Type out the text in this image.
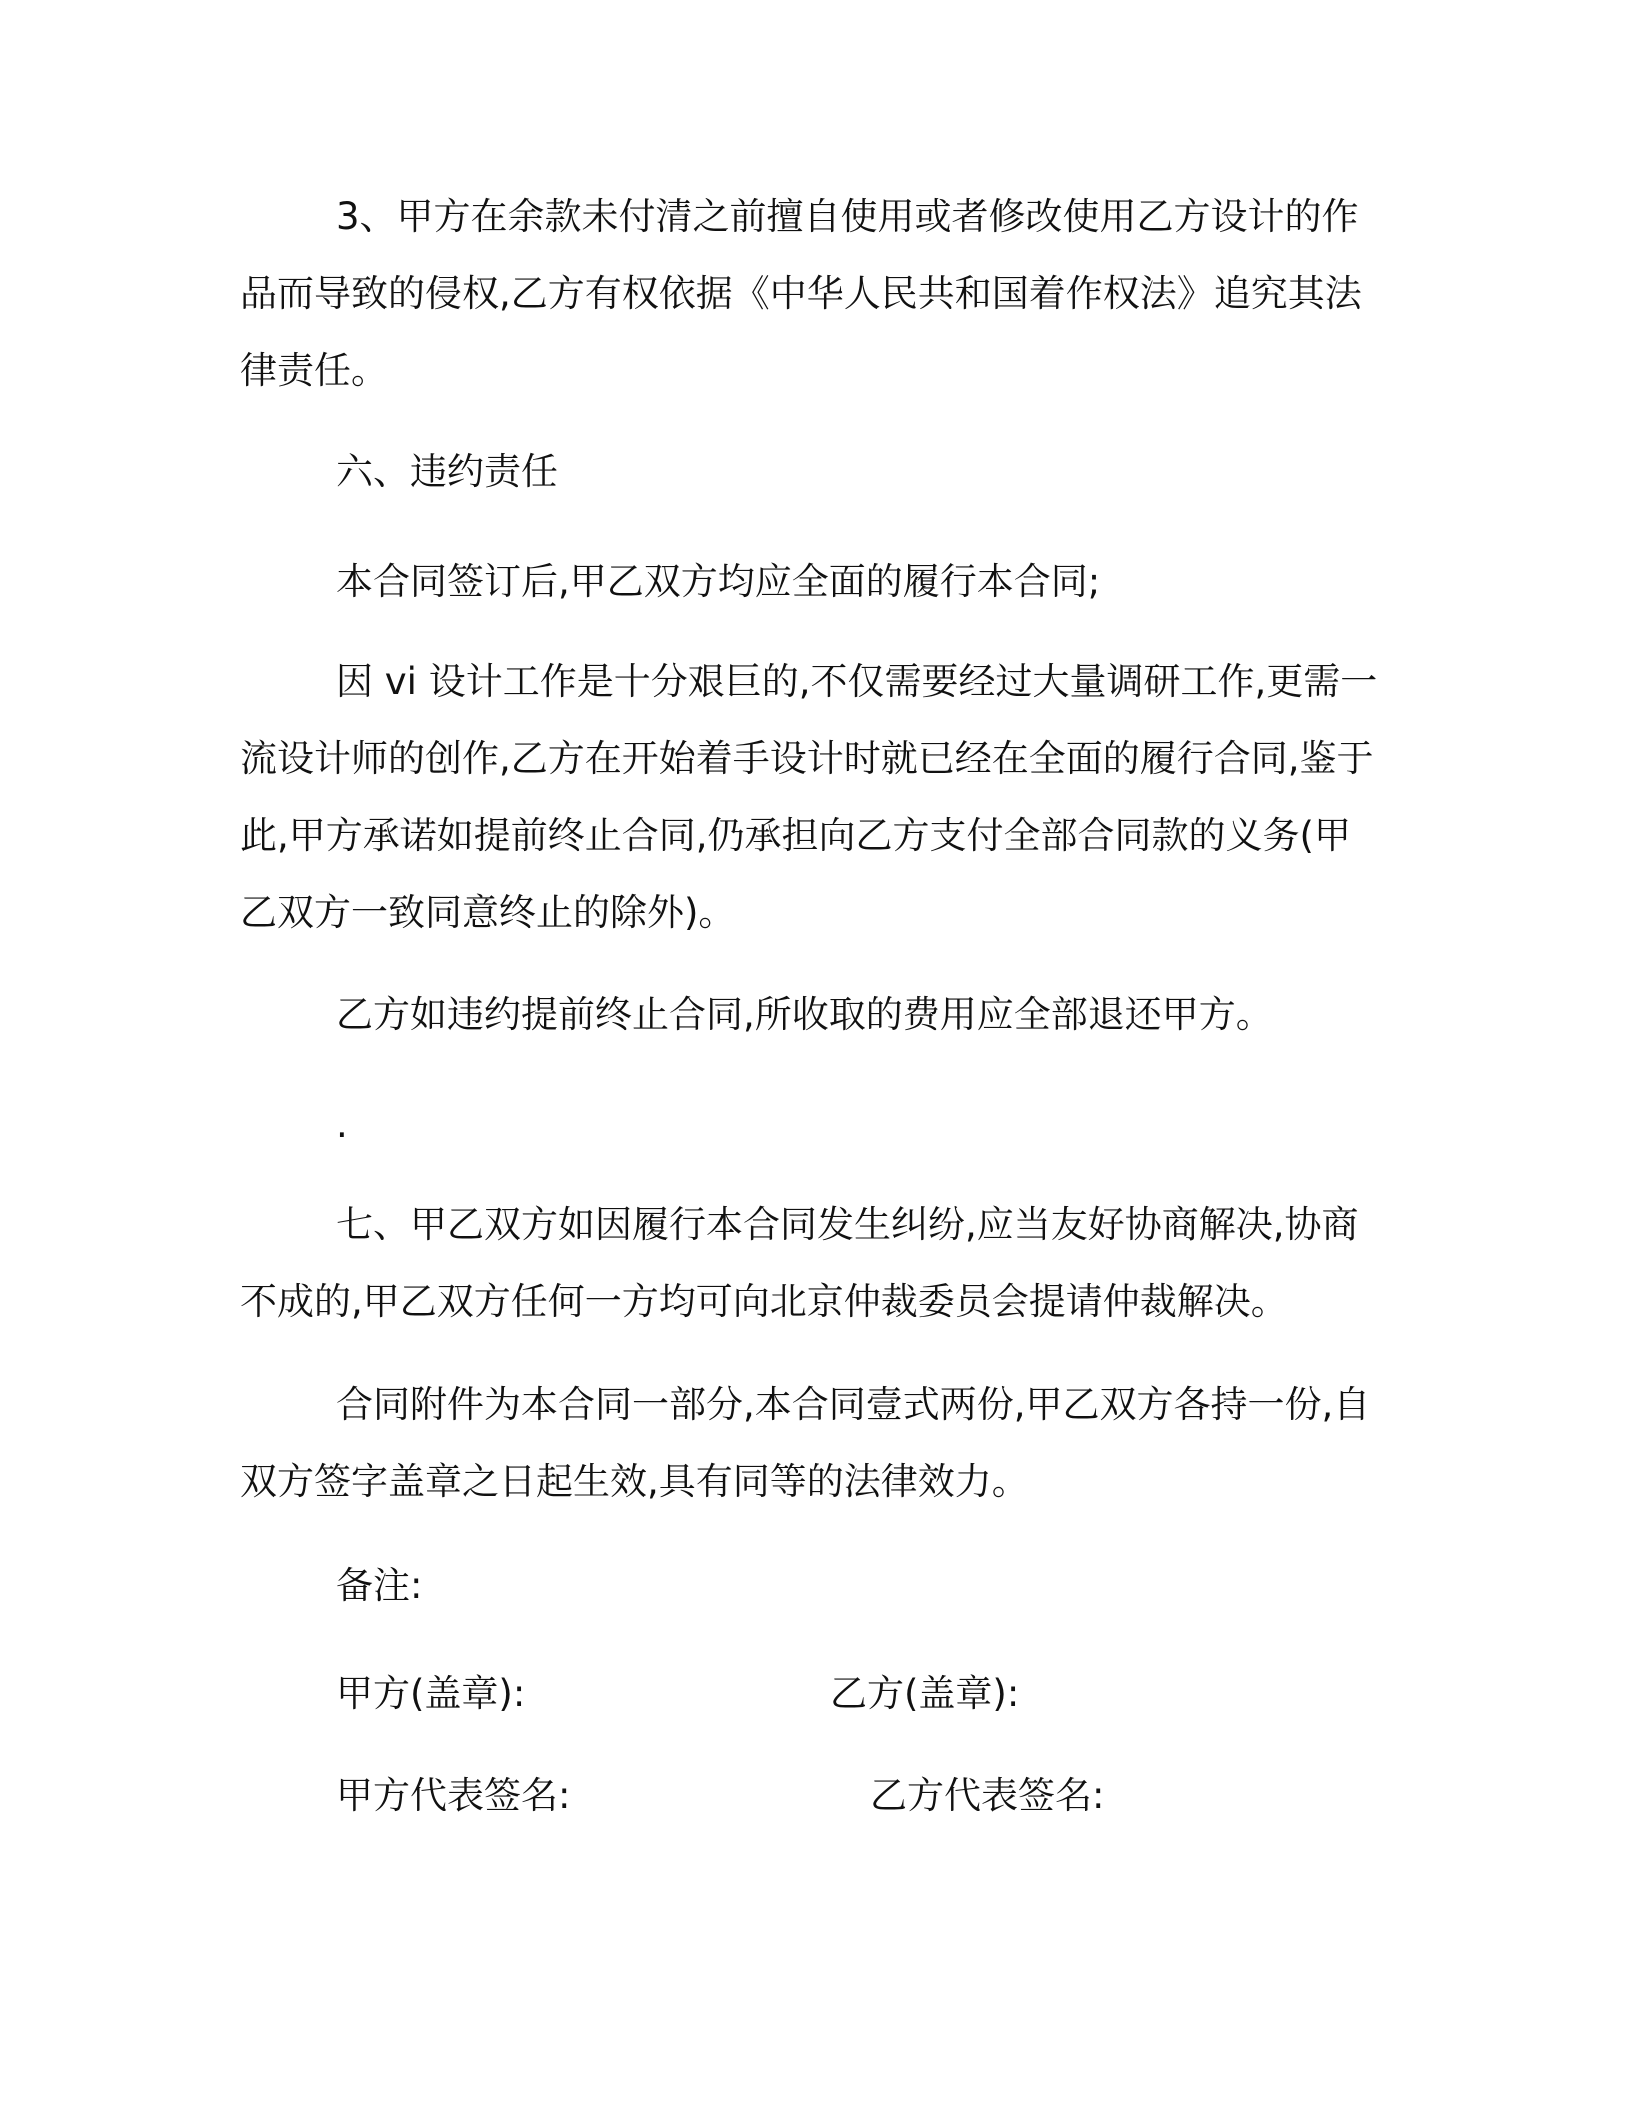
3、甲方在余款未付清之前擅自使用或者修改使用乙方设计的作品而导致的侵权,乙方有权依据《中华人民共和国着作权法》追究其法律责任。

六、违约责任

本合同签订后,甲乙双方均应全面的履行本合同;

因 vi 设计工作是十分艰巨的,不仅需要经过大量调研工作,更需一流设计师的创作,乙方在开始着手设计时就已经在全面的履行合同,鉴于此,甲方承诺如提前终止合同,仍承担向乙方支付全部合同款的义务(甲乙双方一致同意终止的除外)。

乙方如违约提前终止合同,所收取的费用应全部退还甲方。

.

七、甲乙双方如因履行本合同发生纠纷,应当友好协商解决,协商不成的,甲乙双方任何一方均可向北京仲裁委员会提请仲裁解决。

合同附件为本合同一部分,本合同壹式两份,甲乙双方各持一份,自双方签字盖章之日起生效,具有同等的法律效力。

备注:

甲方(盖章):	乙方(盖章):

甲方代表签名:	乙方代表签名:
